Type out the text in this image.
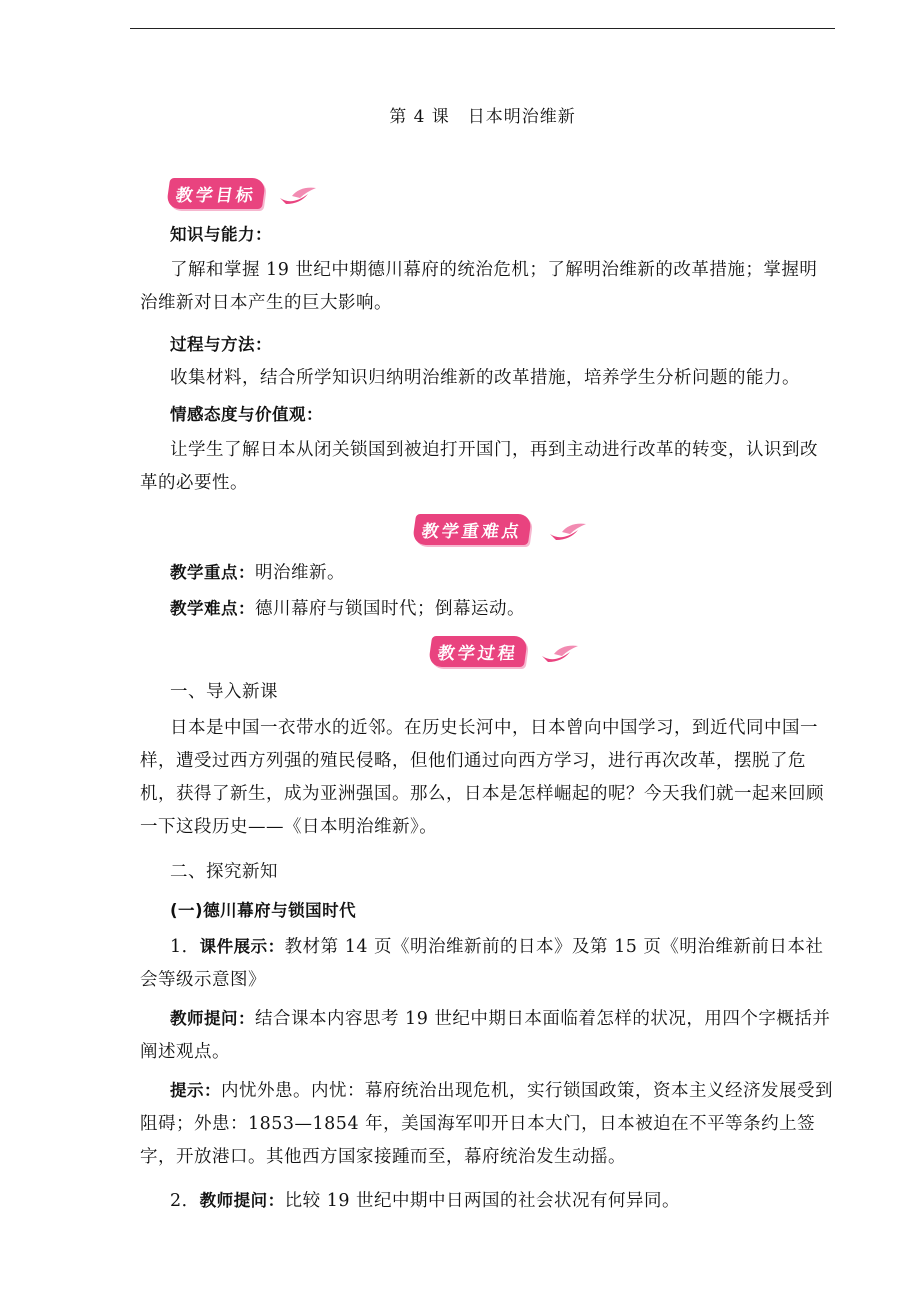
第 4 课　日本明治维新
教学目标

知识与能力：

了解和掌握 19 世纪中期德川幕府的统治危机；了解明治维新的改革措施；掌握明治维新对日本产生的巨大影响。

过程与方法：

收集材料，结合所学知识归纳明治维新的改革措施，培养学生分析问题的能力。

情感态度与价值观：

让学生了解日本从闭关锁国到被迫打开国门，再到主动进行改革的转变，认识到改革的必要性。

教学重难点

教学重点：明治维新。

教学难点：德川幕府与锁国时代；倒幕运动。

教学过程

一、导入新课

日本是中国一衣带水的近邻。在历史长河中，日本曾向中国学习，到近代同中国一样，遭受过西方列强的殖民侵略，但他们通过向西方学习，进行再次改革，摆脱了危机，获得了新生，成为亚洲强国。那么，日本是怎样崛起的呢？今天我们就一起来回顾一下这段历史——《日本明治维新》。

二、探究新知

(一)德川幕府与锁国时代

1．课件展示：教材第 14 页《明治维新前的日本》及第 15 页《明治维新前日本社会等级示意图》

教师提问：结合课本内容思考 19 世纪中期日本面临着怎样的状况，用四个字概括并阐述观点。

提示：内忧外患。内忧：幕府统治出现危机，实行锁国政策，资本主义经济发展受到阻碍；外患：1853—1854 年，美国海军叩开日本大门，日本被迫在不平等条约上签字，开放港口。其他西方国家接踵而至，幕府统治发生动摇。

2．教师提问：比较 19 世纪中期中日两国的社会状况有何异同。
